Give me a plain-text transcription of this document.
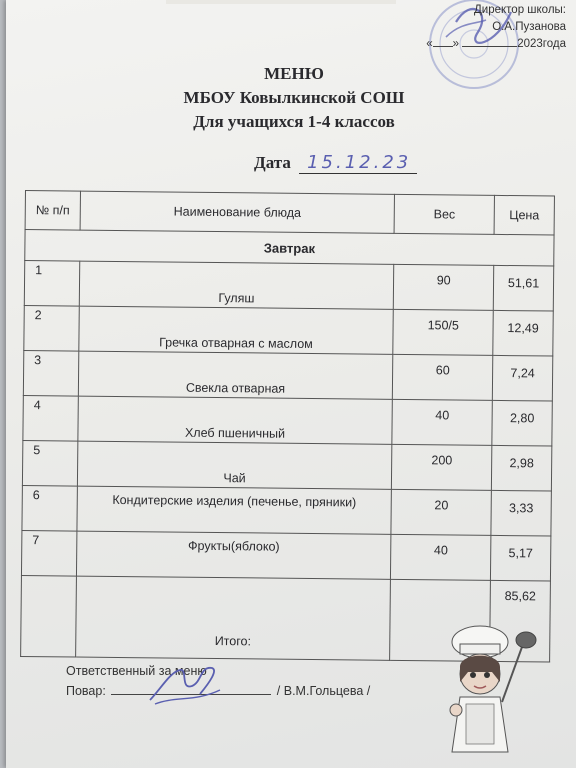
Директор школы:
О.А.Пузанова
« »	2023года
МЕНЮ
МБОУ Ковылкинской СОШ
Для учащихся 1-4 классов
Дата 15.12.23
№ п/п	Наименование блюда	Вес	Цена
Завтрак			
1	Гуляш	90	51,61
2	Гречка отварная с маслом	150/5	12,49
3	Свекла отварная	60	7,24
4	Хлеб пшеничный	40	2,80
5	Чай	200	2,98
6	Кондитерские изделия (печенье, пряники)	20	3,33
7	Фрукты(яблоко)	40	5,17
	Итого:		85,62
Ответственный за меню
Повар:	/ В.М.Гольцева /
